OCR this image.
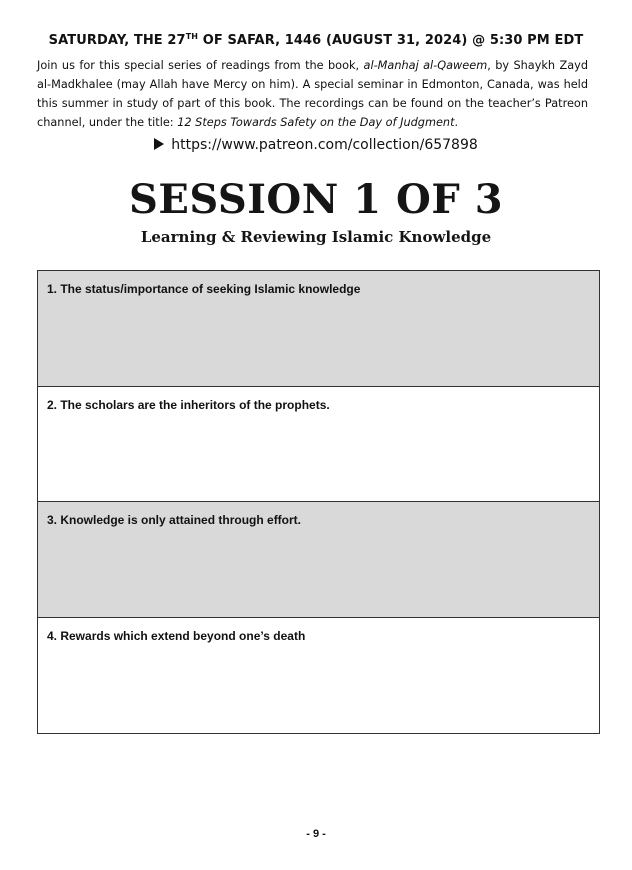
SATURDAY, THE 27TH OF SAFAR, 1446 (AUGUST 31, 2024) @ 5:30 PM EDT

Join us for this special series of readings from the book, al-Manhaj al-Qaweem, by Shaykh Zayd al-Madkhalee (may Allah have Mercy on him). A special seminar in Edmonton, Canada, was held this summer in study of part of this book. The recordings can be found on the teacher’s Patreon channel, under the title: 12 Steps Towards Safety on the Day of Judgment.

https://www.patreon.com/collection/657898
SESSION 1 OF 3
Learning & Reviewing Islamic Knowledge
1. The status/importance of seeking Islamic knowledge
2. The scholars are the inheritors of the prophets.
3. Knowledge is only attained through effort.
4. Rewards which extend beyond one’s death
- 9 -
